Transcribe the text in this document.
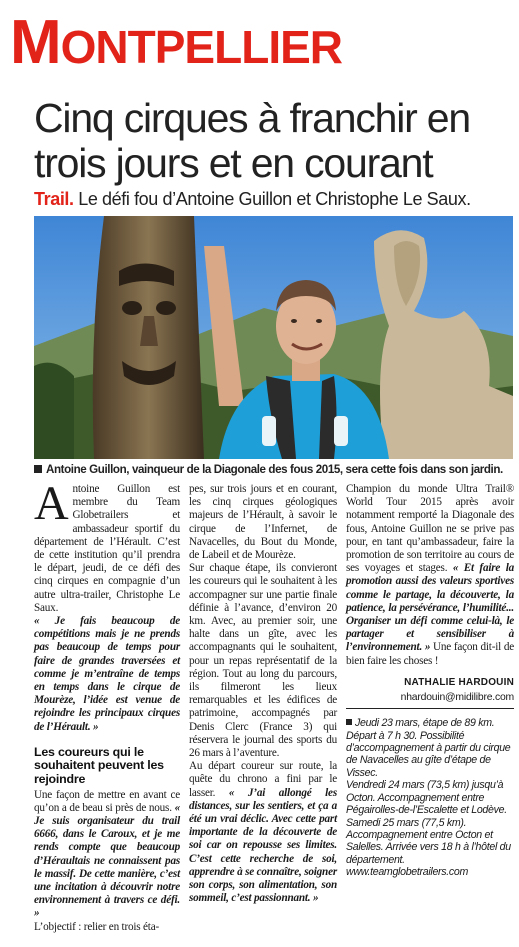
MONTPELLIER
Cinq cirques à franchir en trois jours et en courant
Trail. Le défi fou d’Antoine Guillon et Christophe Le Saux.
Antoine Guillon, vainqueur de la Diagonale des fous 2015, sera cette fois dans son jardin.

Antoine Guillon est membre du Team Globetrailers et ambassadeur sportif du département de l’Hérault. C’est de cette institution qu’il prendra le départ, jeudi, de ce défi des cinq cirques en compagnie d’un autre ultra-trailer, Christophe Le Saux.

« Je fais beaucoup de compétitions mais je ne prends pas beaucoup de temps pour faire de grandes traversées et comme je m’entraîne de temps en temps dans le cirque de Mourèze, l’idée est venue de rejoindre les principaux cirques de l’Hérault. »

Les coureurs qui le souhaitent peuvent les rejoindre

Une façon de mettre en avant ce qu’on a de beau si près de nous. « Je suis organisateur du trail 6666, dans le Caroux, et je me rends compte que beaucoup d’Héraultais ne connaissent pas le massif. De cette manière, c’est une incitation à découvrir notre environnement à travers ce défi. »

L’objectif : relier en trois éta-

pes, sur trois jours et en courant, les cinq cirques géologiques majeurs de l’Hérault, à savoir le cirque de l’Infernet, de Navacelles, du Bout du Monde, de Labeil et de Mourèze.

Sur chaque étape, ils convieront les coureurs qui le souhaitent à les accompagner sur une partie finale définie à l’avance, d’environ 20 km. Avec, au premier soir, une halte dans un gîte, avec les accompagnants qui le souhaitent, pour un repas représentatif de la région. Tout au long du parcours, ils filmeront les lieux remarquables et les édifices de patrimoine, accompagnés par Denis Clerc (France 3) qui réservera le journal des sports du 26 mars à l’aventure.

Au départ coureur sur route, la quête du chrono a fini par le lasser. « J’ai allongé les distances, sur les sentiers, et ça a été un vrai déclic. Avec cette part importante de la découverte de soi car on repousse ses limites. C’est cette recherche de soi, apprendre à se connaître, soigner son corps, son alimentation, son sommeil, c’est passionnant. »

Champion du monde Ultra Trail® World Tour 2015 après avoir notamment remporté la Diagonale des fous, Antoine Guillon ne se prive pas pour, en tant qu’ambassadeur, faire la promotion de son territoire au cours de ses voyages et stages. « Et faire la promotion aussi des valeurs sportives comme le partage, la découverte, la patience, la persévérance, l’humilité... Organiser un défi comme celui-là, le partager et sensibiliser à l’environnement. » Une façon dit-il de bien faire les choses !

NATHALIE HARDOUIN
nhardouin@midilibre.com

Jeudi 23 mars, étape de 89 km. Départ à 7 h 30. Possibilité d’accompagnement à partir du cirque de Navacelles au gîte d’étape de Vissec.

Vendredi 24 mars (73,5 km) jusqu’à Octon. Accompagnement entre Pégairolles-de-l’Escalette et Lodève.

Samedi 25 mars (77,5 km). Accompagnement entre Octon et Salelles. Arrivée vers 18 h à l’hôtel du département.

www.teamglobetrailers.com
